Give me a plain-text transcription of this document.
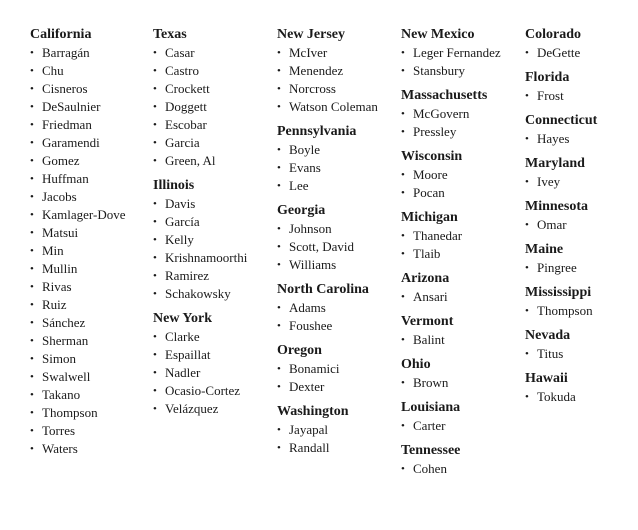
California
• Barragán
• Chu
• Cisneros
• DeSaulnier
• Friedman
• Garamendi
• Gomez
• Huffman
• Jacobs
• Kamlager-Dove
• Matsui
• Min
• Mullin
• Rivas
• Ruiz
• Sánchez
• Sherman
• Simon
• Swalwell
• Takano
• Thompson
• Torres
• Waters
Texas
• Casar
• Castro
• Crockett
• Doggett
• Escobar
• Garcia
• Green, Al
Illinois
• Davis
• García
• Kelly
• Krishnamoorthi
• Ramirez
• Schakowsky
New York
• Clarke
• Espaillat
• Nadler
• Ocasio-Cortez
• Velázquez
New Jersey
• McIver
• Menendez
• Norcross
• Watson Coleman
Pennsylvania
• Boyle
• Evans
• Lee
Georgia
• Johnson
• Scott, David
• Williams
North Carolina
• Adams
• Foushee
Oregon
• Bonamici
• Dexter
Washington
• Jayapal
• Randall
New Mexico
• Leger Fernandez
• Stansbury
Massachusetts
• McGovern
• Pressley
Wisconsin
• Moore
• Pocan
Michigan
• Thanedar
• Tlaib
Arizona
• Ansari
Vermont
• Balint
Ohio
• Brown
Louisiana
• Carter
Tennessee
• Cohen
Colorado
• DeGette
Florida
• Frost
Connecticut
• Hayes
Maryland
• Ivey
Minnesota
• Omar
Maine
• Pingree
Mississippi
• Thompson
Nevada
• Titus
Hawaii
• Tokuda
